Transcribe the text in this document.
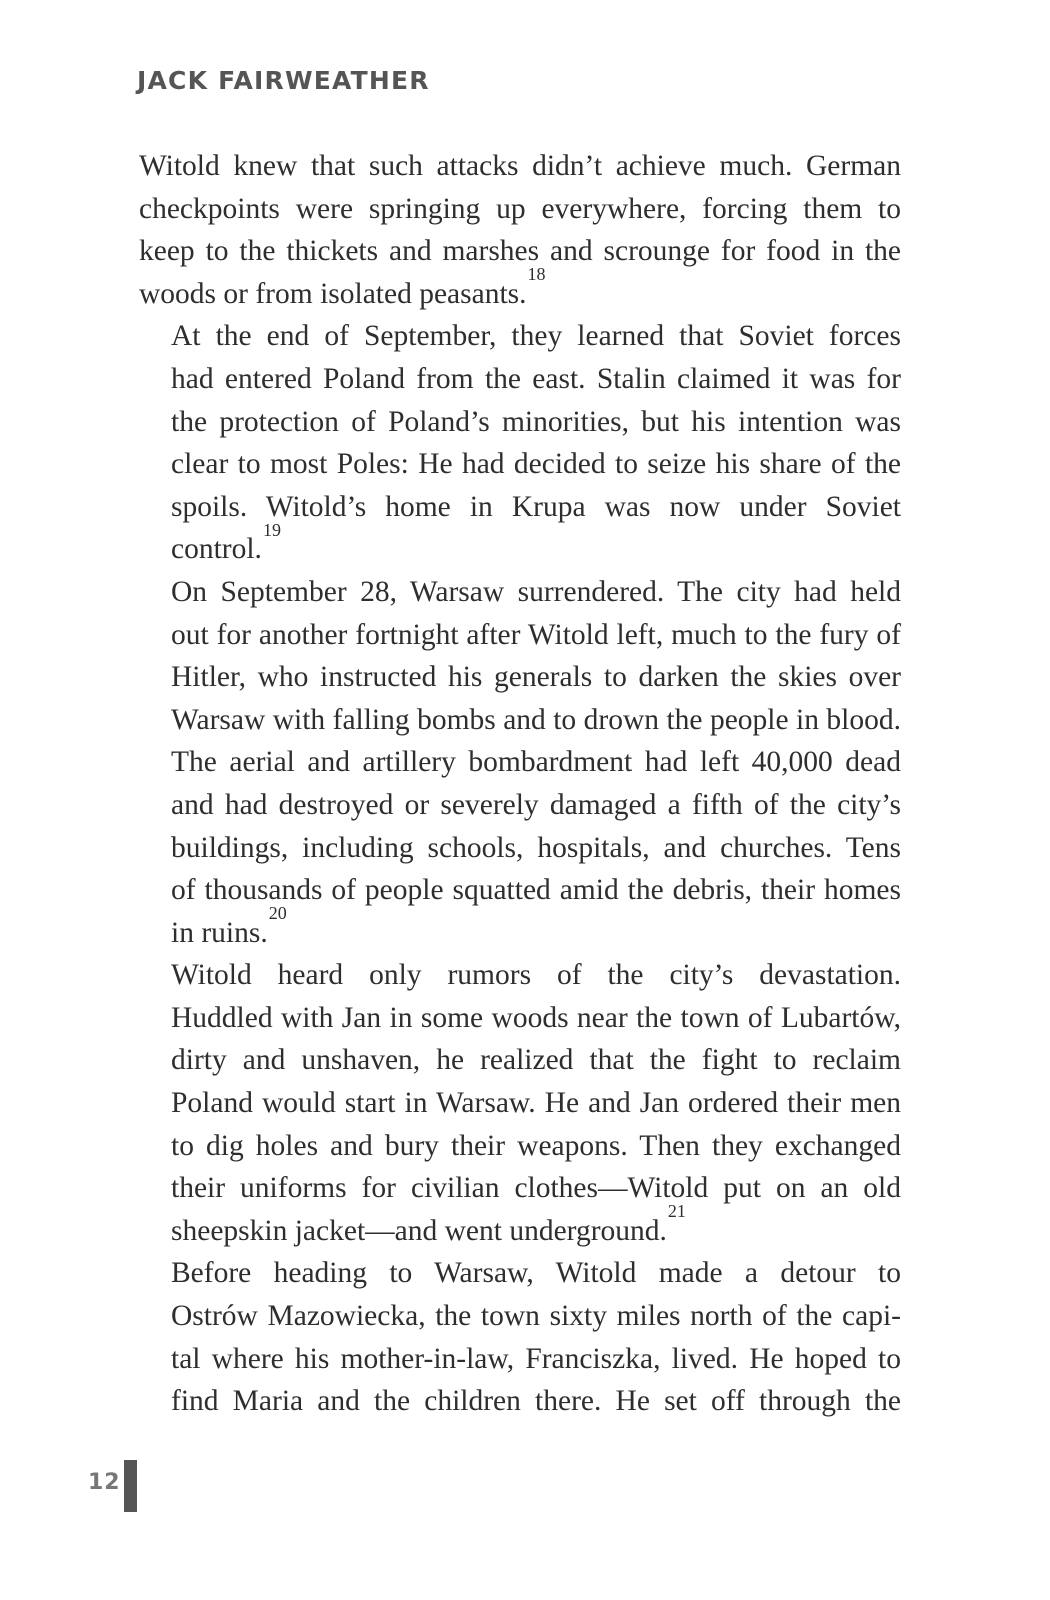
JACK FAIRWEATHER

Witold knew that such attacks didn’t achieve much. German
checkpoints were springing up everywhere, forcing them to
keep to the thickets and marshes and scrounge for food in the
woods or from isolated peasants.$^{18}$

At the end of September, they learned that Soviet forces
had entered Poland from the east. Stalin claimed it was for
the protection of Poland’s minorities, but his intention was
clear to most Poles: He had decided to seize his share of the
spoils. Witold’s home in Krupa was now under Soviet
control.$^{19}$

On September 28, Warsaw surrendered. The city had held
out for another fortnight after Witold left, much to the fury of
Hitler, who instructed his generals to darken the skies over
Warsaw with falling bombs and to drown the people in blood.
The aerial and artillery bombardment had left 40,000 dead
and had destroyed or severely damaged a fifth of the city’s
buildings, including schools, hospitals, and churches. Tens
of thousands of people squatted amid the debris, their homes
in ruins.$^{20}$

Witold heard only rumors of the city’s devastation.
Huddled with Jan in some woods near the town of Lubartów,
dirty and unshaven, he realized that the fight to reclaim
Poland would start in Warsaw. He and Jan ordered their men
to dig holes and bury their weapons. Then they exchanged
their uniforms for civilian clothes—Witold put on an old
sheepskin jacket—and went underground.$^{21}$

Before heading to Warsaw, Witold made a detour to
Ostrów Mazowiecka, the town sixty miles north of the capi-
tal where his mother-in-law, Franciszka, lived. He hoped to
find Maria and the children there. He set off through the

12
